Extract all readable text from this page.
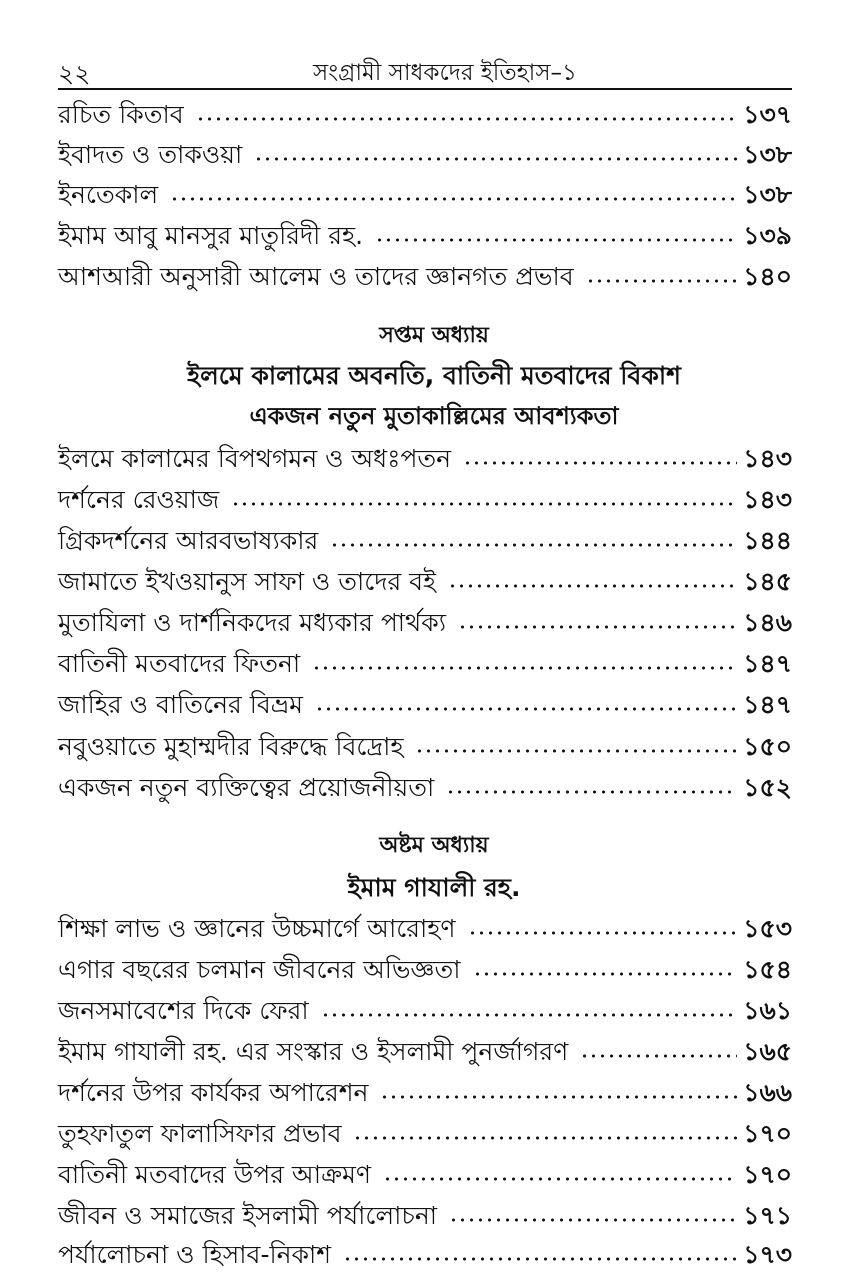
২২	সংগ্রামী সাধকদের ইতিহাস–১
রচিত কিতাব	১৩৭
ইবাদত ও তাকওয়া	১৩৮
ইনতেকাল	১৩৮
ইমাম আবু মানসুর মাতুরিদী রহ.	১৩৯
আশআরী অনুসারী আলেম ও তাদের জ্ঞানগত প্রভাব	১৪০
সপ্তম অধ্যায়
ইলমে কালামের অবনতি, বাতিনী মতবাদের বিকাশ
একজন নতুন মুতাকাল্লিমের আবশ্যকতা
ইলমে কালামের বিপথগমন ও অধঃপতন	১৪৩
দর্শনের রেওয়াজ	১৪৩
গ্রিকদর্শনের আরবভাষ্যকার	১৪৪
জামাতে ইখওয়ানুস সাফা ও তাদের বই	১৪৫
মুতাযিলা ও দার্শনিকদের মধ্যকার পার্থক্য	১৪৬
বাতিনী মতবাদের ফিতনা	১৪৭
জাহির ও বাতিনের বিভ্রম	১৪৭
নবুওয়াতে মুহাম্মদীর বিরুদ্ধে বিদ্রোহ	১৫০
একজন নতুন ব্যক্তিত্বের প্রয়োজনীয়তা	১৫২
অষ্টম অধ্যায়
ইমাম গাযালী রহ.
শিক্ষা লাভ ও জ্ঞানের উচ্চমার্গে আরোহণ	১৫৩
এগার বছরের চলমান জীবনের অভিজ্ঞতা	১৫৪
জনসমাবেশের দিকে ফেরা	১৬১
ইমাম গাযালী রহ. এর সংস্কার ও ইসলামী পুনর্জাগরণ	১৬৫
দর্শনের উপর কার্যকর অপারেশন	১৬৬
তুহফাতুল ফালাসিফার প্রভাব	১৭০
বাতিনী মতবাদের উপর আক্রমণ	১৭০
জীবন ও সমাজের ইসলামী পর্যালোচনা	১৭১
পর্যালোচনা ও হিসাব-নিকাশ	১৭৩
